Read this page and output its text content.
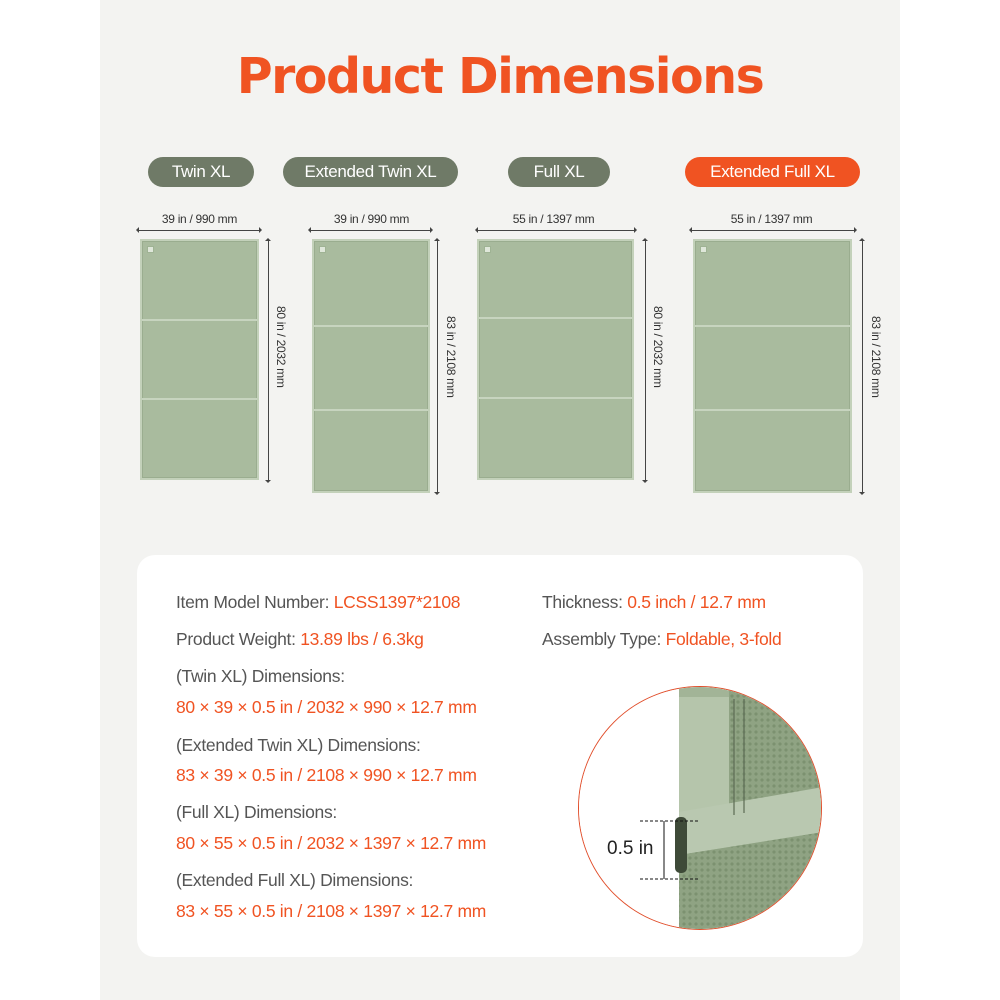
Product Dimensions
Twin XL	Extended Twin XL	Full XL	Extended Full XL
39 in / 990 mm
80 in / 2032 mm
39 in / 990 mm
83 in / 2108 mm
55 in / 1397 mm
80 in / 2032 mm
55 in / 1397 mm
83 in / 2108 mm
Item Model Number: LCSS1397*2108	Thickness: 0.5 inch / 12.7 mm
Product Weight: 13.89 lbs / 6.3kg	Assembly Type: Foldable, 3-fold
(Twin XL) Dimensions:
80 × 39 × 0.5 in / 2032 × 990 × 12.7 mm
(Extended Twin XL) Dimensions:
83 × 39 × 0.5 in / 2108 × 990 × 12.7 mm
(Full XL) Dimensions:
80 × 55 × 0.5 in / 2032 × 1397 × 12.7 mm
(Extended Full XL) Dimensions:
83 × 55 × 0.5 in / 2108 × 1397 × 12.7 mm
0.5 in
